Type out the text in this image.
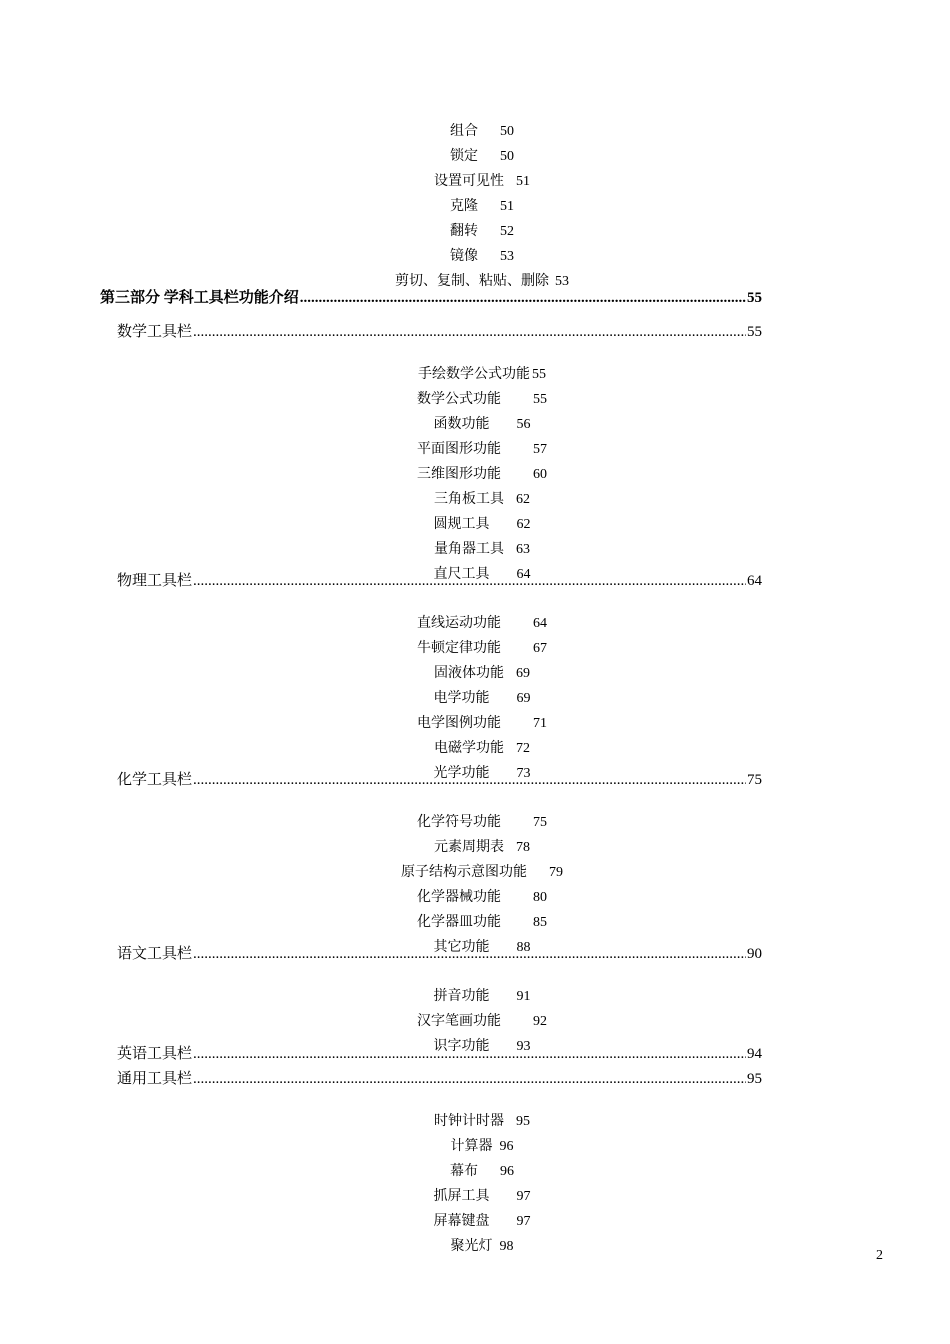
组合 50

锁定 50

设置可见性 51

克隆 51

翻转 52

镜像 53

剪切、复制、粘贴、删除 53

第三部分 学科工具栏功能介绍 .....	55
数学工具栏 .....	55

手绘数学公式功能 55

数学公式功能 55

函数功能 56

平面图形功能 57

三维图形功能 60

三角板工具 62

圆规工具 62

量角器工具 63

直尺工具 64

物理工具栏 .....	64

直线运动功能 64

牛顿定律功能 67

固液体功能 69

电学功能 69

电学图例功能 71

电磁学功能 72

光学功能 73

化学工具栏 .....	75

化学符号功能 75

元素周期表 78

原子结构示意图功能 79

化学器械功能 80

化学器皿功能 85

其它功能 88

语文工具栏 .....	90

拼音功能 91

汉字笔画功能 92

识字功能 93

英语工具栏 .....	94
通用工具栏 .....	95

时钟计时器 95

计算器 96

幕布 96

抓屏工具 97

屏幕键盘 97

聚光灯 98

2
